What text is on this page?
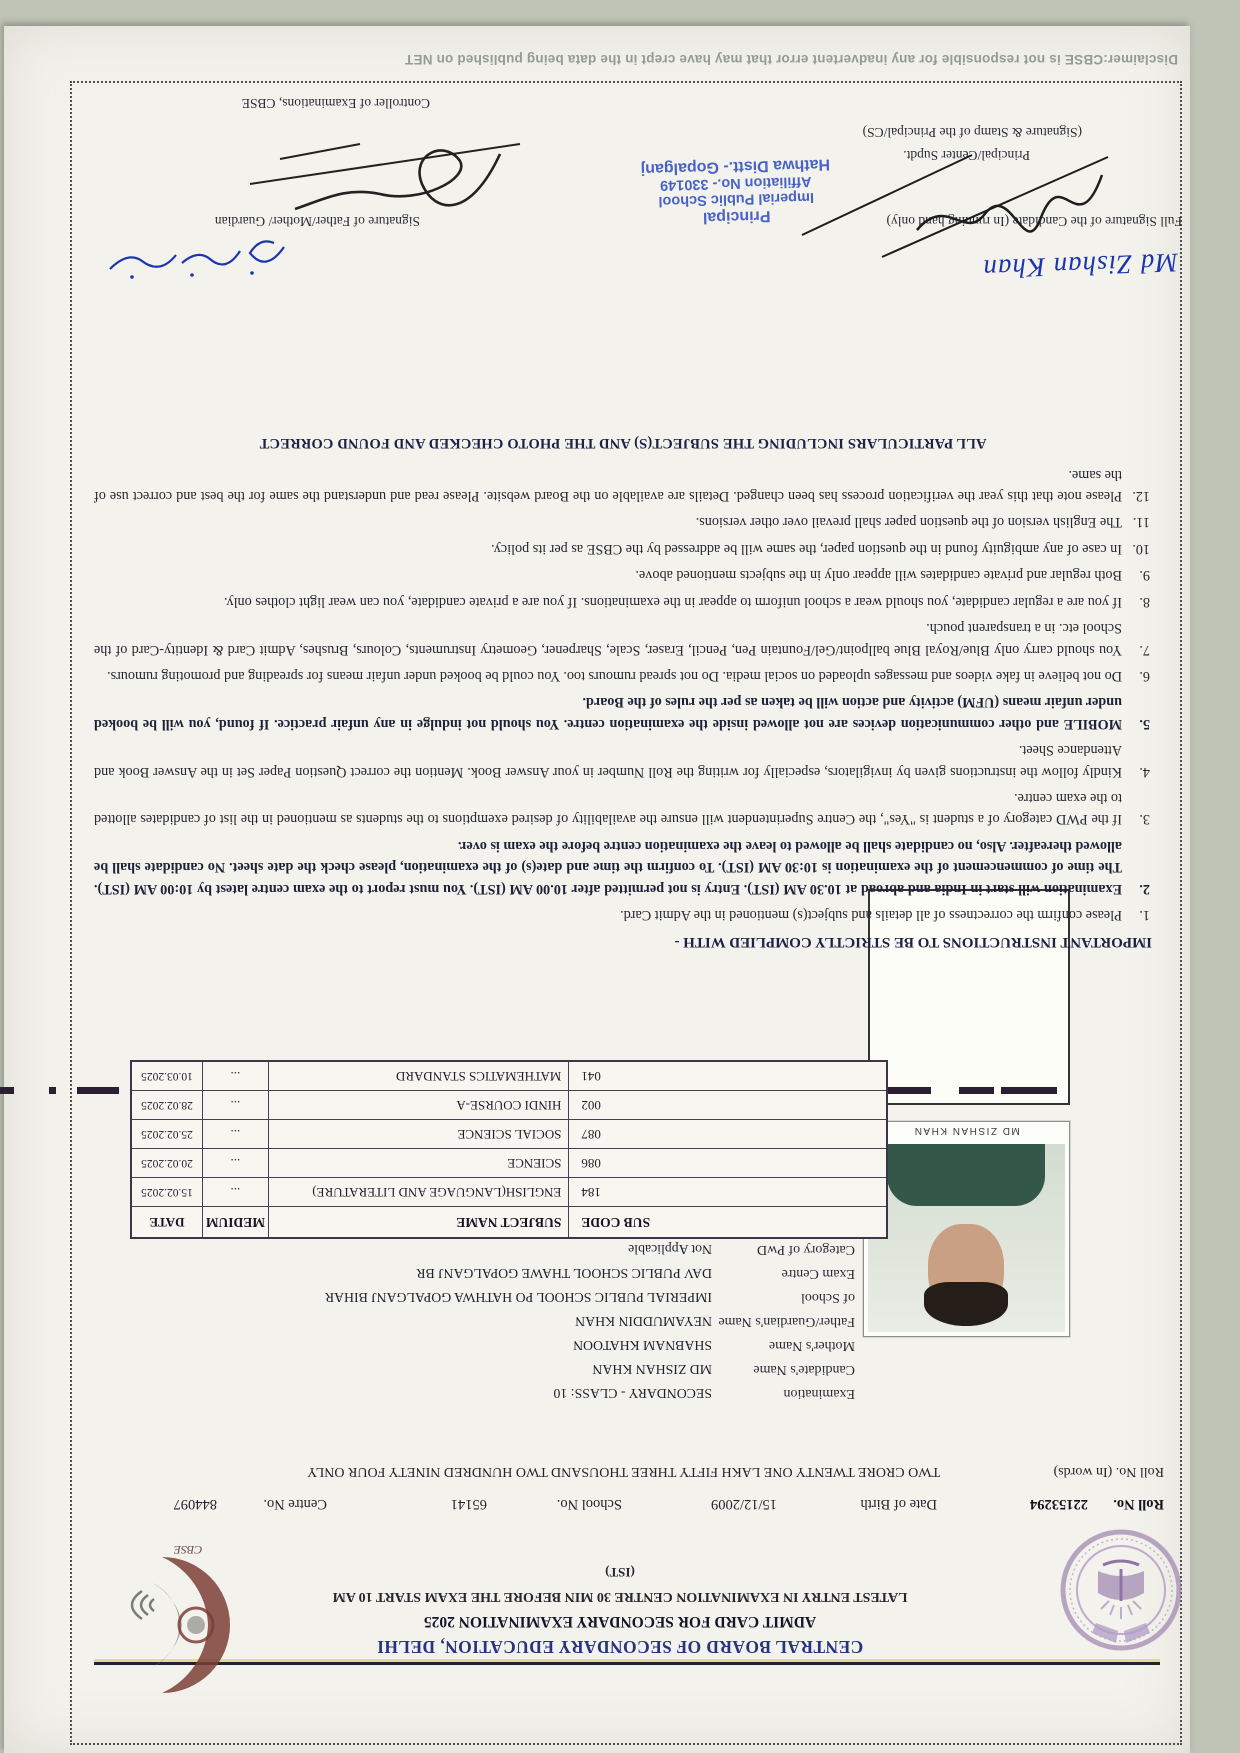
CBSE
CENTRAL BOARD OF SECONDARY EDUCATION, DELHI
ADMIT CARD FOR SECONDARY EXAMINATION 2025
LATEST ENTRY IN EXAMINATION CENTRE 30 MIN BEFORE THE EXAM START 10 AM
(IST)
Roll No.
22153294
Date of Birth
15/12/2009
School No.
65141
Centre No.
844097
Roll No. (In words)
TWO CRORE TWENTY ONE LAKH FIFTY THREE THOUSAND TWO HUNDRED NINETY FOUR ONLY
Examination
SECONDARY - CLASS: 10
Candidate's Name
MD ZISHAN KHAN
Mother's Name
SHABNAM KHATOON
Father/Guardian's Name
NEYAMUDDIN KHAN
of School
IMPERIAL PUBLIC SCHOOL PO HATHWA GOPALGANJ BIHAR
Exam Centre
DAV PUBLIC SCHOOL THAWE GOPALGANJ BR
Category of PwD
Not Applicable
MD ZISHAN KHAN
SUB CODE
SUBJECT NAME
MEDIUM
DATE
184
ENGLISH(LANGUAGE AND LITERATURE)
...
15.02.2025
086
SCIENCE
...
20.02.2025
087
SOCIAL SCIENCE
...
25.02.2025
002
HINDI COURSE-A
...
28.02.2025
041
MATHEMATICS STANDARD
...
10.03.2025
IMPORTANT INSTRUCTIONS TO BE STRICTLY COMPLIED WITH -
1.
Please confirm the correctness of all details and subject(s) mentioned in the Admit Card.
2.
Examination will start in India and abroad at 10.30 AM (IST). Entry is not permitted after 10.00 AM (IST). You must report to the exam centre latest by 10:00 AM (IST). The time of commencement of the examination is 10:30 AM (IST). To confirm the time and date(s) of the examination, please check the date sheet. No candidate shall be allowed thereafter. Also, no candidate shall be allowed to leave the examination centre before the exam is over.
3.
If the PWD category of a student is "Yes", the Centre Superintendent will ensure the availability of desired exemptions to the students as mentioned in the list of candidates allotted to the exam centre.
4.
Kindly follow the instructions given by invigilators, especially for writing the Roll Number in your Answer Book. Mention the correct Question Paper Set in the Answer Book and Attendance Sheet.
5.
MOBILE and other communication devices are not allowed inside the examination centre. You should not indulge in any unfair practice. If found, you will be booked under unfair means (UFM) activity and action will be taken as per the rules of the Board.
6.
Do not believe in fake videos and messages uploaded on social media. Do not spread rumours too. You could be booked under unfair means for spreading and promoting rumours.
7.
You should carry only Blue/Royal Blue ballpoint/Gel/Fountain Pen, Pencil, Eraser, Scale, Sharpener, Geometry Instruments, Colours, Brushes, Admit Card & Identity-Card of the School etc. in a transparent pouch.
8.
If you are a regular candidate, you should wear a school uniform to appear in the examinations. If you are a private candidate, you can wear light clothes only.
9.
Both regular and private candidates will appear only in the subjects mentioned above.
10.
In case of any ambiguity found in the question paper, the same will be addressed by the CBSE as per its policy.
11.
The English version of the question paper shall prevail over other versions.
12.
Please note that this year the verification process has been changed. Details are available on the Board website. Please read and understand the same for the best and correct use of the same.
ALL PARTICULARS INCLUDING THE SUBJECT(S) AND THE PHOTO CHECKED AND FOUND CORRECT
Md Zishan Khan
Full Signature of the Candidate (In running hand only)
Principal/Center Supdt.
(Signature & Stamp of the Principal/CS)
Principal
Imperial Public School
Affiliation No.- 330149
Hathwa Distt.- Gopalganj
Signature of Father/Mother/ Guardian
Controller of Examinations, CBSE
Disclaimer:CBSE is not responsible for any inadvertent error that may have crept in the data being published on NET
